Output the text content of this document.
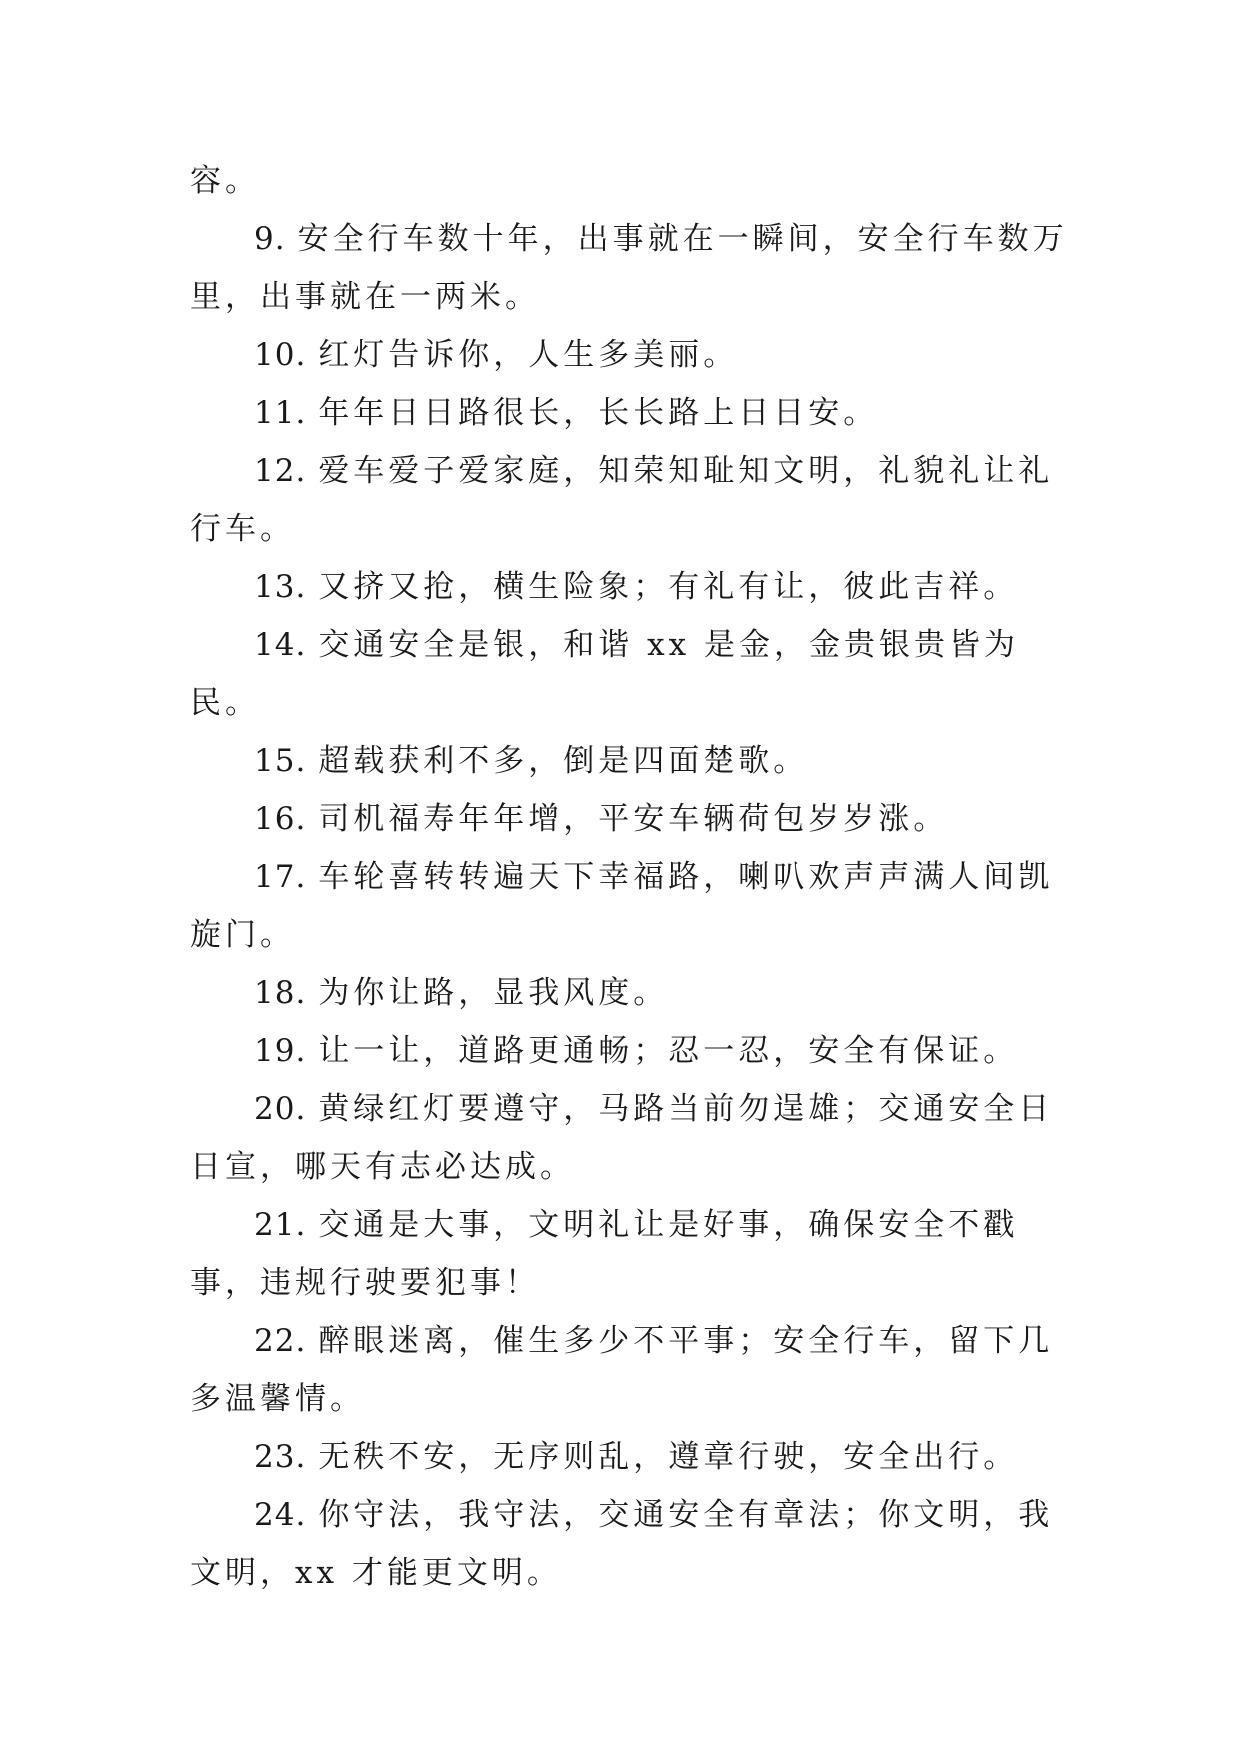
容。

9. 安全行车数十年，出事就在一瞬间，安全行车数万里，出事就在一两米。

10. 红灯告诉你，人生多美丽。

11. 年年日日路很长，长长路上日日安。

12. 爱车爱子爱家庭，知荣知耻知文明，礼貌礼让礼行车。

13. 又挤又抢，横生险象；有礼有让，彼此吉祥。

14. 交通安全是银，和谐 xx 是金，金贵银贵皆为民。

15. 超载获利不多，倒是四面楚歌。

16. 司机福寿年年增，平安车辆荷包岁岁涨。

17. 车轮喜转转遍天下幸福路，喇叭欢声声满人间凯旋门。

18. 为你让路，显我风度。

19. 让一让，道路更通畅；忍一忍，安全有保证。

20. 黄绿红灯要遵守，马路当前勿逞雄；交通安全日日宣，哪天有志必达成。

21. 交通是大事，文明礼让是好事，确保安全不戳事，违规行驶要犯事！

22. 醉眼迷离，催生多少不平事；安全行车，留下几多温馨情。

23. 无秩不安，无序则乱，遵章行驶，安全出行。

24. 你守法，我守法，交通安全有章法；你文明，我文明，xx 才能更文明。
